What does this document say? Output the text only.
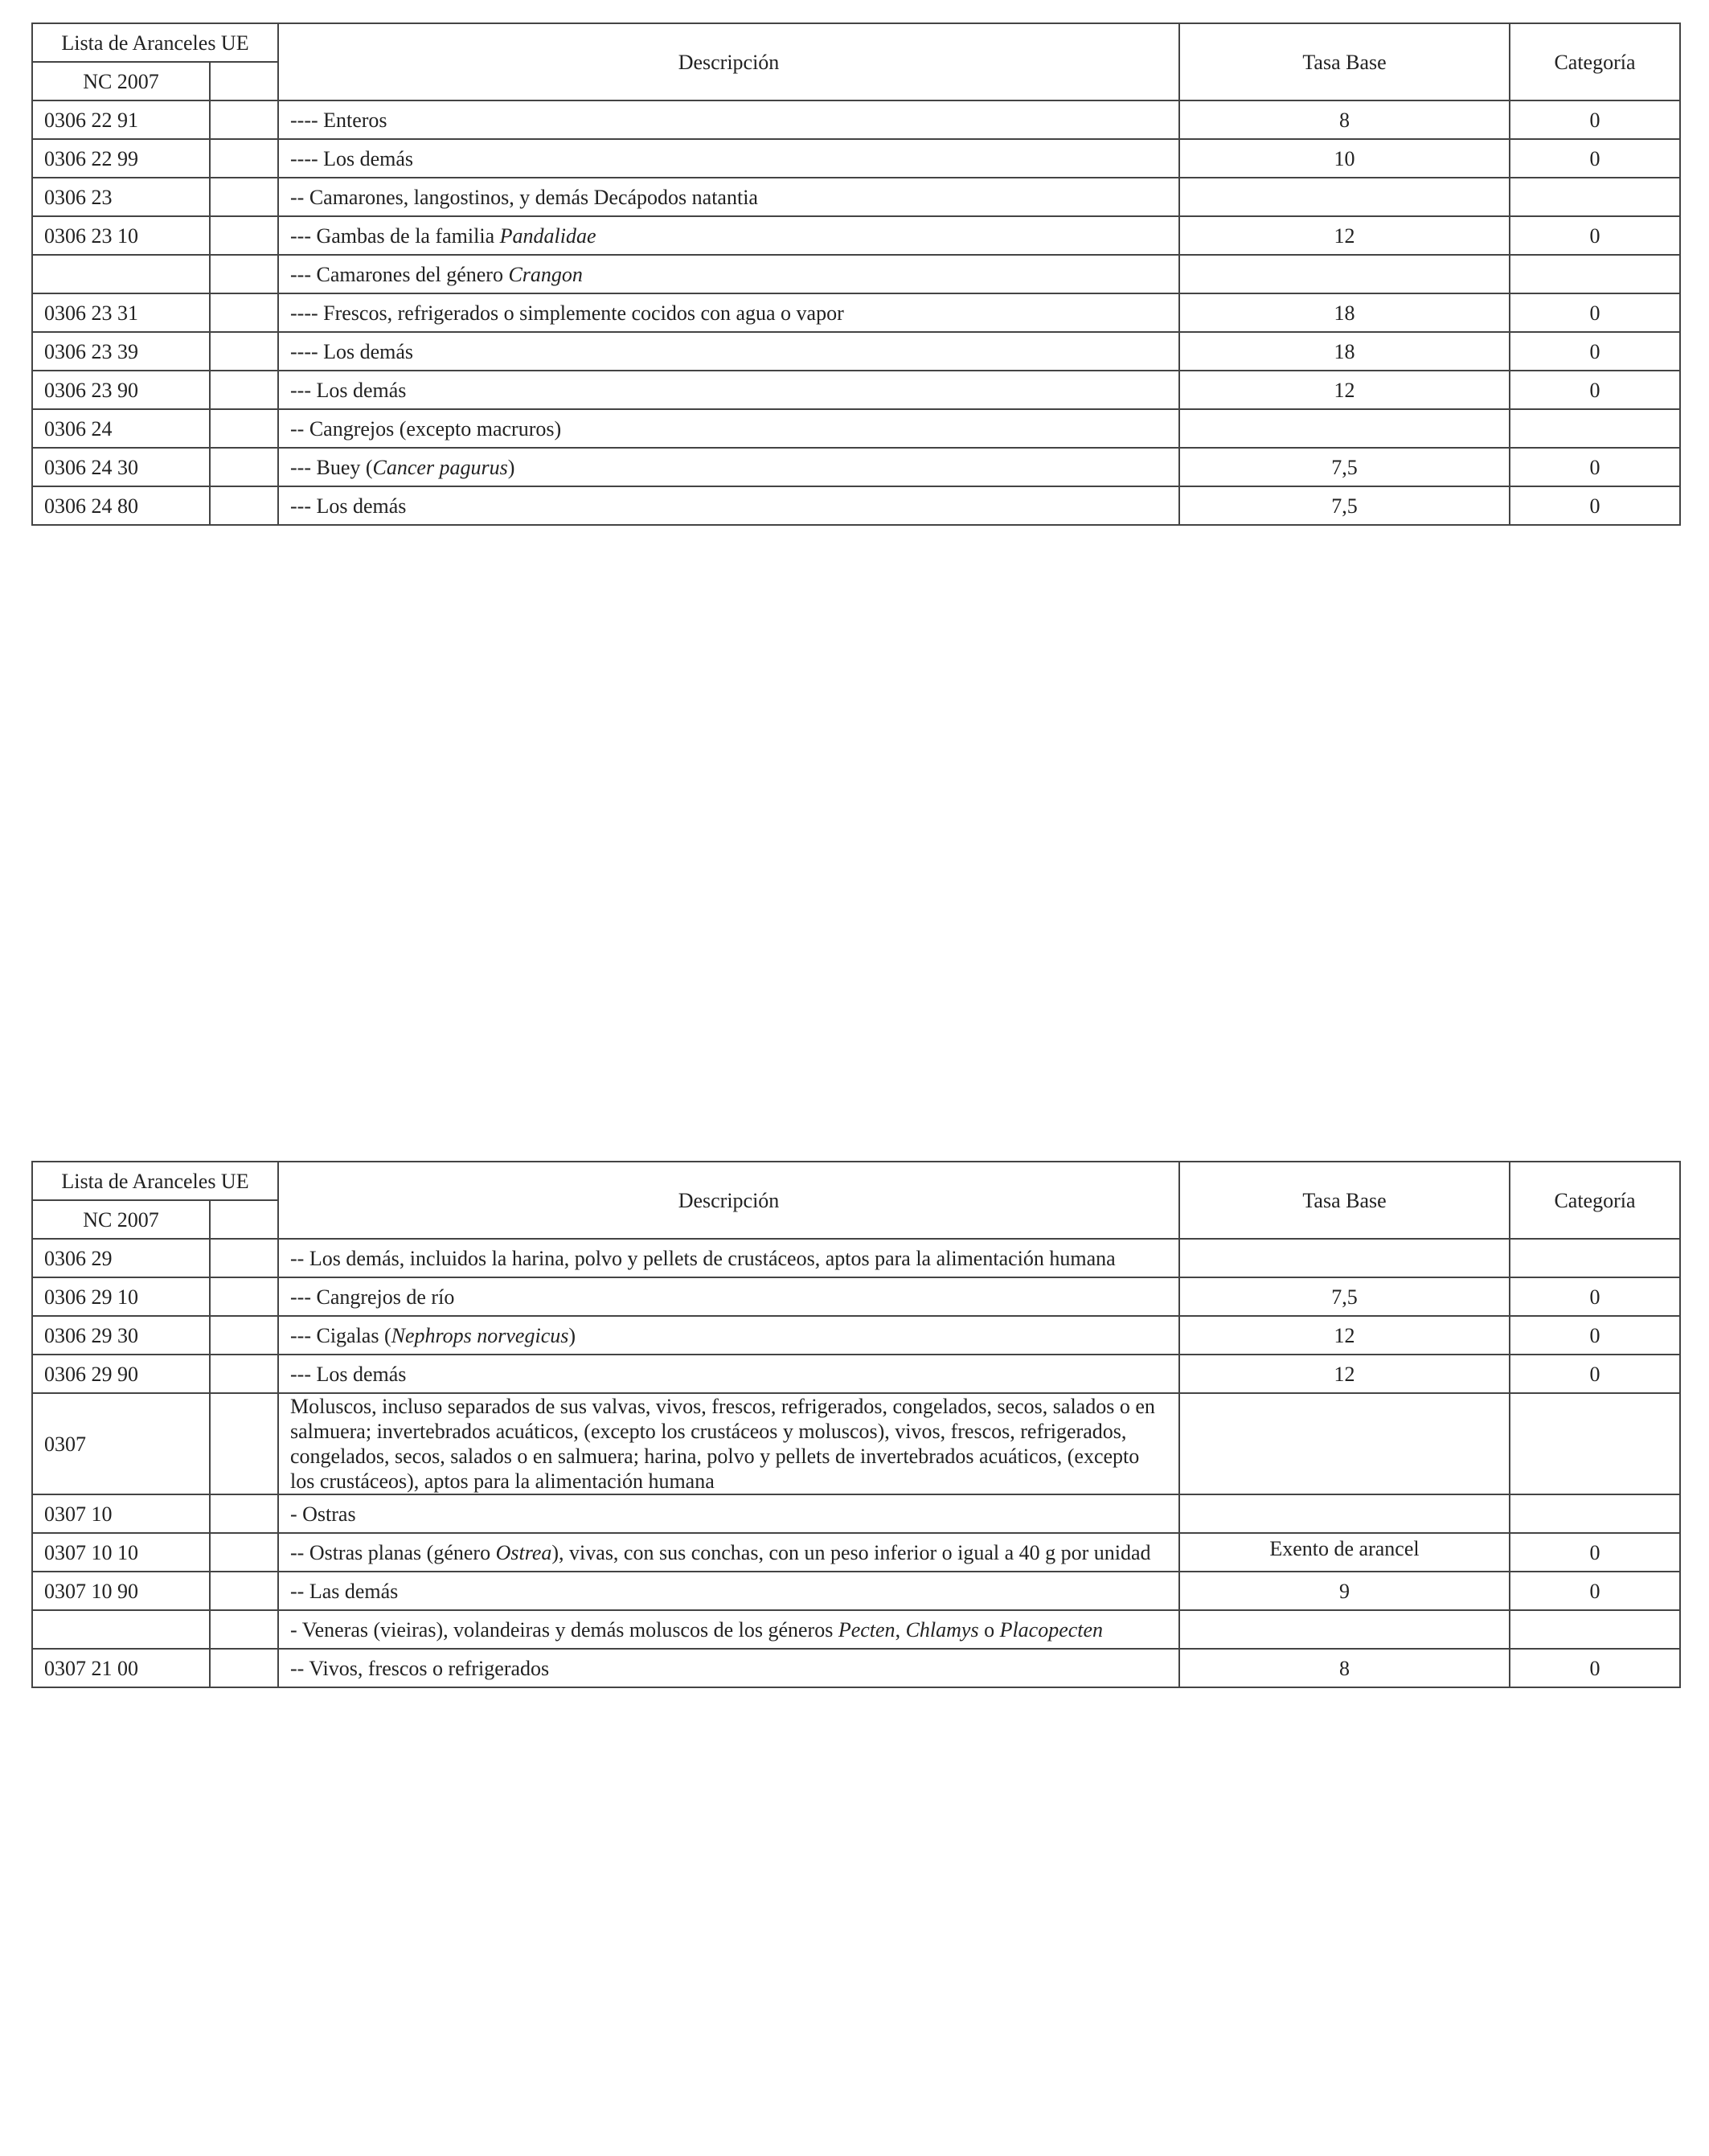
Lista de Aranceles UE		Descripción	Tasa Base	Categoría
NC 2007				
0306 22 91		---- Enteros	8	0
0306 22 99		---- Los demás	10	0
0306 23		-- Camarones, langostinos, y demás Decápodos natantia		
0306 23 10		--- Gambas de la familia Pandalidae	12	0
		--- Camarones del género Crangon		
0306 23 31		---- Frescos, refrigerados o simplemente cocidos con agua o vapor	18	0
0306 23 39		---- Los demás	18	0
0306 23 90		--- Los demás	12	0
0306 24		-- Cangrejos (excepto macruros)		
0306 24 30		--- Buey (Cancer pagurus)	7,5	0
0306 24 80		--- Los demás	7,5	0
Lista de Aranceles UE		Descripción	Tasa Base	Categoría
NC 2007				
0306 29		-- Los demás, incluidos la harina, polvo y pellets de crustáceos, aptos para la alimentación humana		
0306 29 10		--- Cangrejos de río	7,5	0
0306 29 30		--- Cigalas (Nephrops norvegicus)	12	0
0306 29 90		--- Los demás	12	0
0307		Moluscos, incluso separados de sus valvas, vivos, frescos, refrigerados, congelados, secos, salados o en salmuera; invertebrados acuáticos, (excepto los crustáceos y moluscos), vivos, frescos, refrigerados, congelados, secos, salados o en salmuera; harina, polvo y pellets de invertebrados acuáticos, (excepto los crustáceos), aptos para la alimentación humana		
0307 10		- Ostras		
0307 10 10		-- Ostras planas (género Ostrea), vivas, con sus conchas, con un peso inferior o igual a 40 g por unidad	Exento de arancel	0
0307 10 90		-- Las demás	9	0
		- Veneras (vieiras), volandeiras y demás moluscos de los géneros Pecten, Chlamys o Placopecten		
0307 21 00		-- Vivos, frescos o refrigerados	8	0
